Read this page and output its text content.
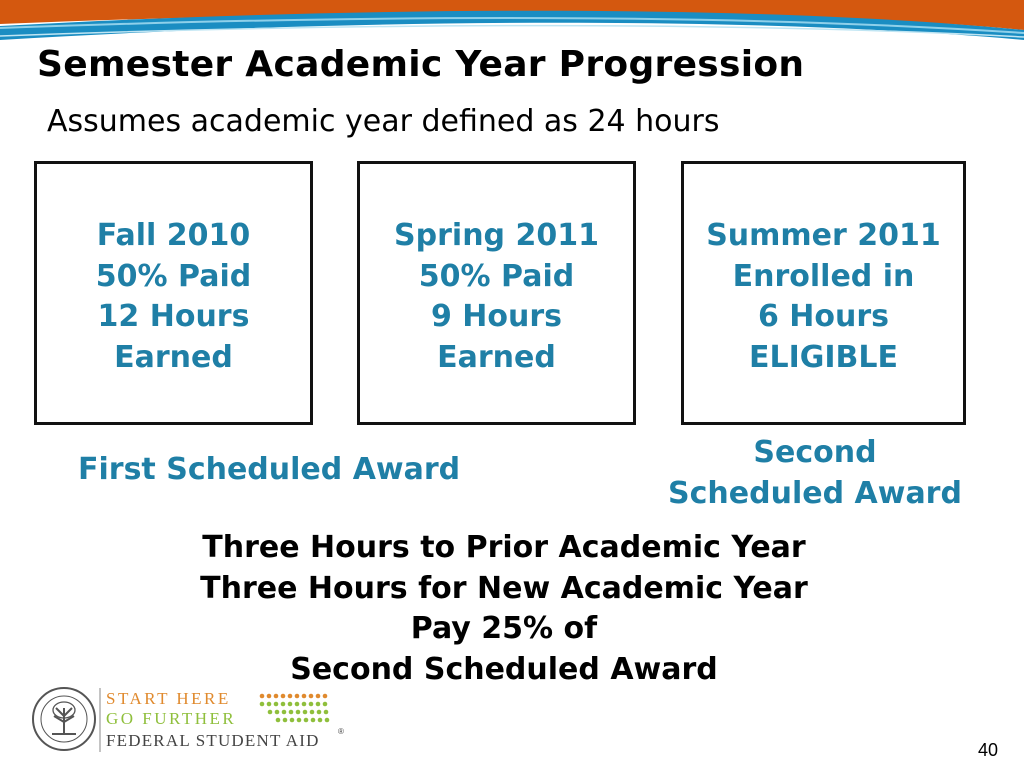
Semester Academic Year Progression

Assumes academic year defined as 24 hours

Fall 2010
50% Paid
12 Hours
Earned
Spring 2011
50% Paid
9 Hours
Earned
Summer 2011
Enrolled in
6 Hours
ELIGIBLE
First Scheduled Award	Second
Scheduled Award
Three Hours to Prior Academic Year
Three Hours for New Academic Year
Pay 25% of
Second Scheduled Award
START HERE
GO FURTHER
FEDERAL STUDENT AID ®
40
